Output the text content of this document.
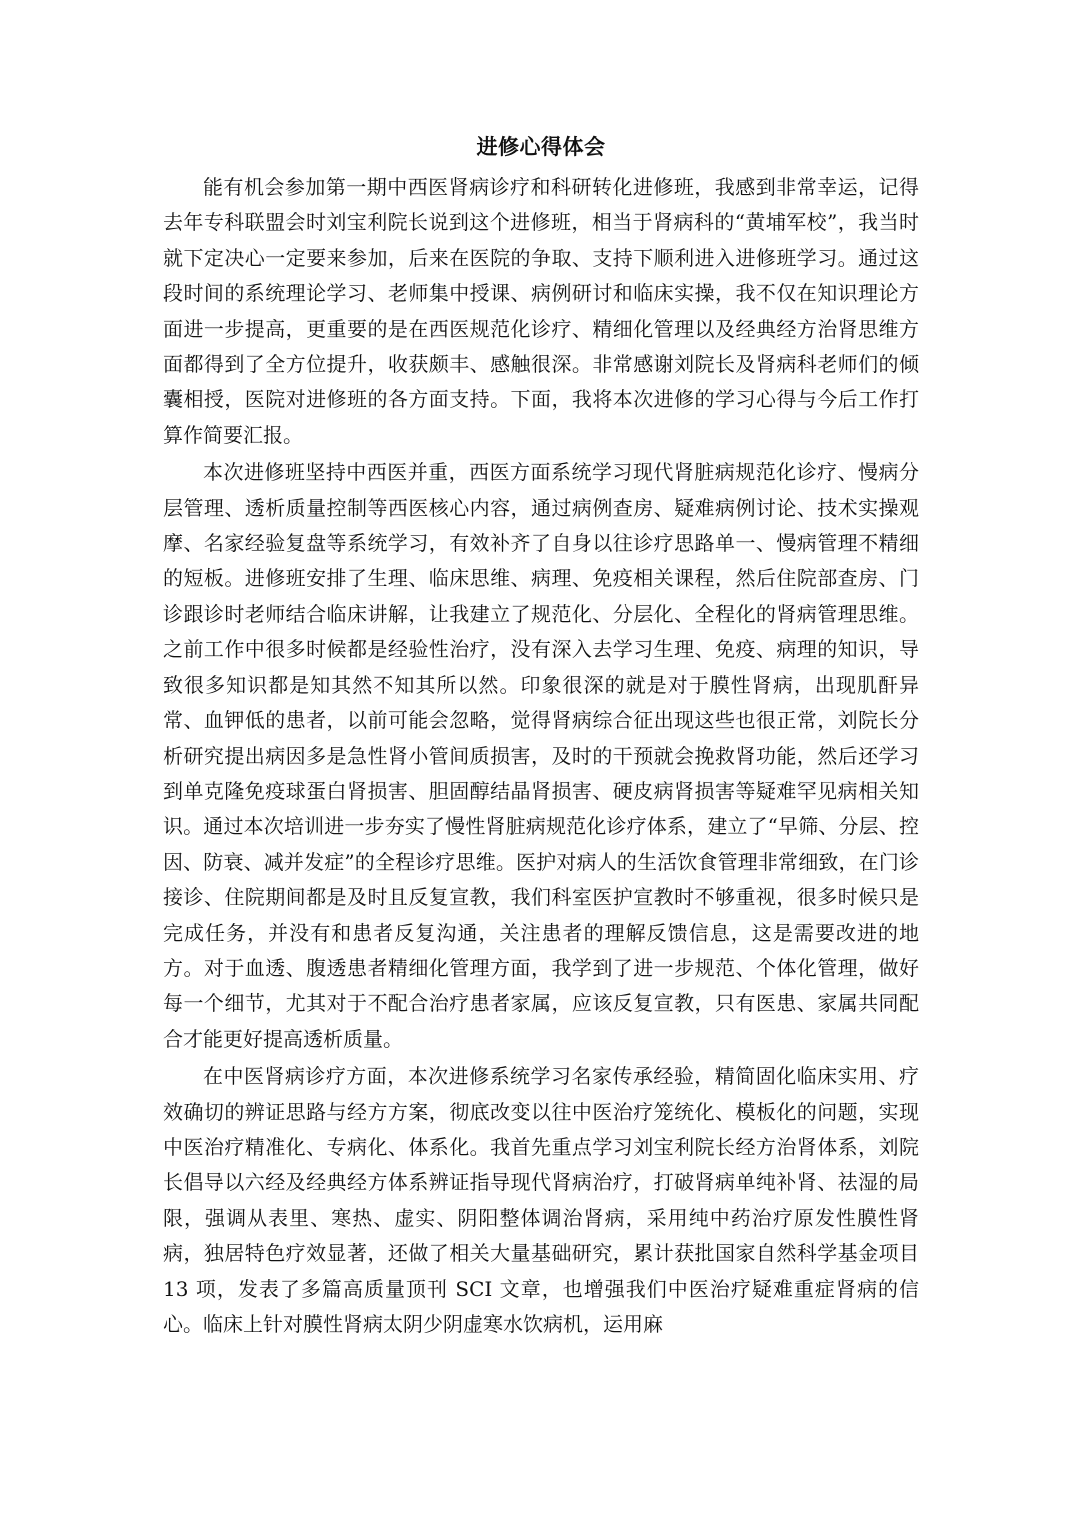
进修心得体会

能有机会参加第一期中西医肾病诊疗和科研转化进修班，我感到非常幸运，记得去年专科联盟会时刘宝利院长说到这个进修班，相当于肾病科的“黄埔军校”，我当时就下定决心一定要来参加，后来在医院的争取、支持下顺利进入进修班学习。通过这段时间的系统理论学习、老师集中授课、病例研讨和临床实操，我不仅在知识理论方面进一步提高，更重要的是在西医规范化诊疗、精细化管理以及经典经方治肾思维方面都得到了全方位提升，收获颇丰、感触很深。非常感谢刘院长及肾病科老师们的倾囊相授，医院对进修班的各方面支持。下面，我将本次进修的学习心得与今后工作打算作简要汇报。

本次进修班坚持中西医并重，西医方面系统学习现代肾脏病规范化诊疗、慢病分层管理、透析质量控制等西医核心内容，通过病例查房、疑难病例讨论、技术实操观摩、名家经验复盘等系统学习，有效补齐了自身以往诊疗思路单一、慢病管理不精细的短板。进修班安排了生理、临床思维、病理、免疫相关课程，然后住院部查房、门诊跟诊时老师结合临床讲解，让我建立了规范化、分层化、全程化的肾病管理思维。之前工作中很多时候都是经验性治疗，没有深入去学习生理、免疫、病理的知识，导致很多知识都是知其然不知其所以然。印象很深的就是对于膜性肾病，出现肌酐异常、血钾低的患者，以前可能会忽略，觉得肾病综合征出现这些也很正常，刘院长分析研究提出病因多是急性肾小管间质损害，及时的干预就会挽救肾功能，然后还学习到单克隆免疫球蛋白肾损害、胆固醇结晶肾损害、硬皮病肾损害等疑难罕见病相关知识。通过本次培训进一步夯实了慢性肾脏病规范化诊疗体系，建立了“早筛、分层、控因、防衰、减并发症”的全程诊疗思维。医护对病人的生活饮食管理非常细致，在门诊接诊、住院期间都是及时且反复宣教，我们科室医护宣教时不够重视，很多时候只是完成任务，并没有和患者反复沟通，关注患者的理解反馈信息，这是需要改进的地方。对于血透、腹透患者精细化管理方面，我学到了进一步规范、个体化管理，做好每一个细节，尤其对于不配合治疗患者家属，应该反复宣教，只有医患、家属共同配合才能更好提高透析质量。

在中医肾病诊疗方面，本次进修系统学习名家传承经验，精简固化临床实用、疗效确切的辨证思路与经方方案，彻底改变以往中医治疗笼统化、模板化的问题，实现中医治疗精准化、专病化、体系化。我首先重点学习刘宝利院长经方治肾体系，刘院长倡导以六经及经典经方体系辨证指导现代肾病治疗，打破肾病单纯补肾、祛湿的局限，强调从表里、寒热、虚实、阴阳整体调治肾病，采用纯中药治疗原发性膜性肾病，独居特色疗效显著，还做了相关大量基础研究，累计获批国家自然科学基金项目 13 项，发表了多篇高质量顶刊 SCI 文章，也增强我们中医治疗疑难重症肾病的信心。临床上针对膜性肾病太阴少阴虚寒水饮病机，运用麻
